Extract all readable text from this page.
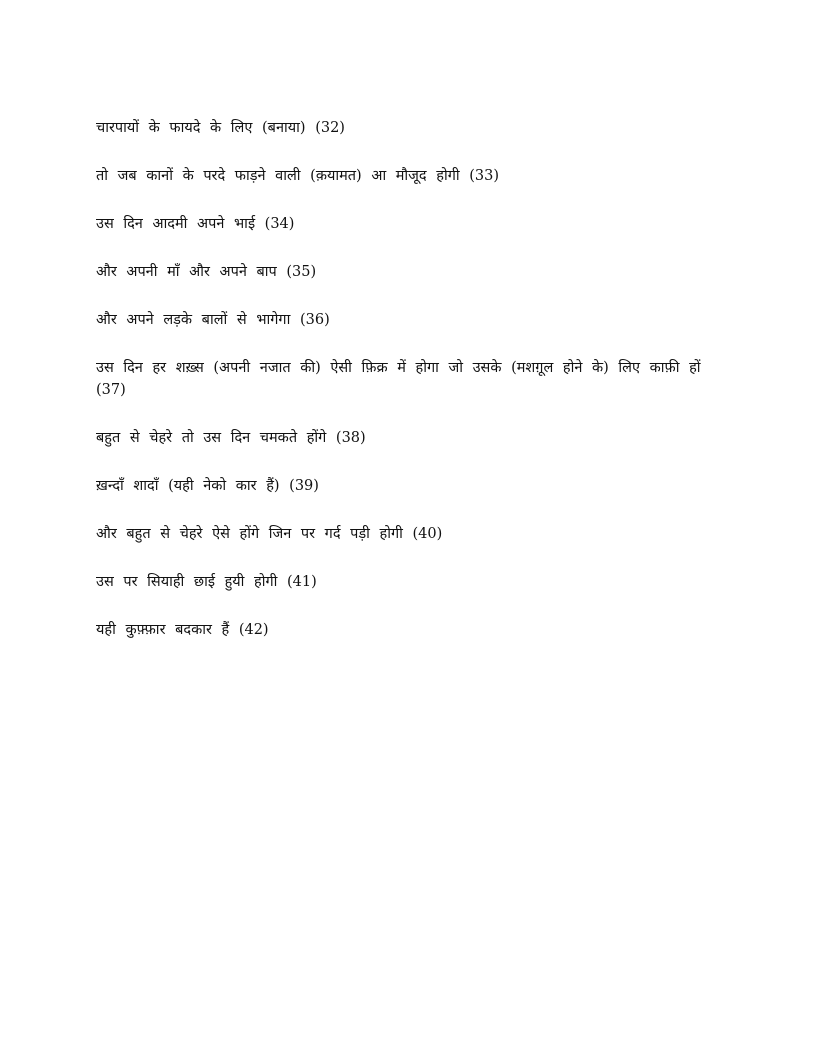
चारपायों के फायदे के लिए (बनाया) (32)

तो जब कानों के परदे फाड़ने वाली (क़यामत) आ मौजूद होगी (33)

उस दिन आदमी अपने भाई (34)

और अपनी माँ और अपने बाप (35)

और अपने लड़के बालों से भागेगा (36)

उस दिन हर शख़्स (अपनी नजात की) ऐसी फ़िक्र में होगा जो उसके (मशग़ूल होने के) लिए काफ़ी हों (37)

बहुत से चेहरे तो उस दिन चमकते होंगे (38)

ख़न्दाँ शादाँ (यही नेको कार हैं) (39)

और बहुत से चेहरे ऐसे होंगे जिन पर गर्द पड़ी होगी (40)

उस पर सियाही छाई हुयी होगी (41)

यही कुफ़्फ़ार बदकार हैं (42)
